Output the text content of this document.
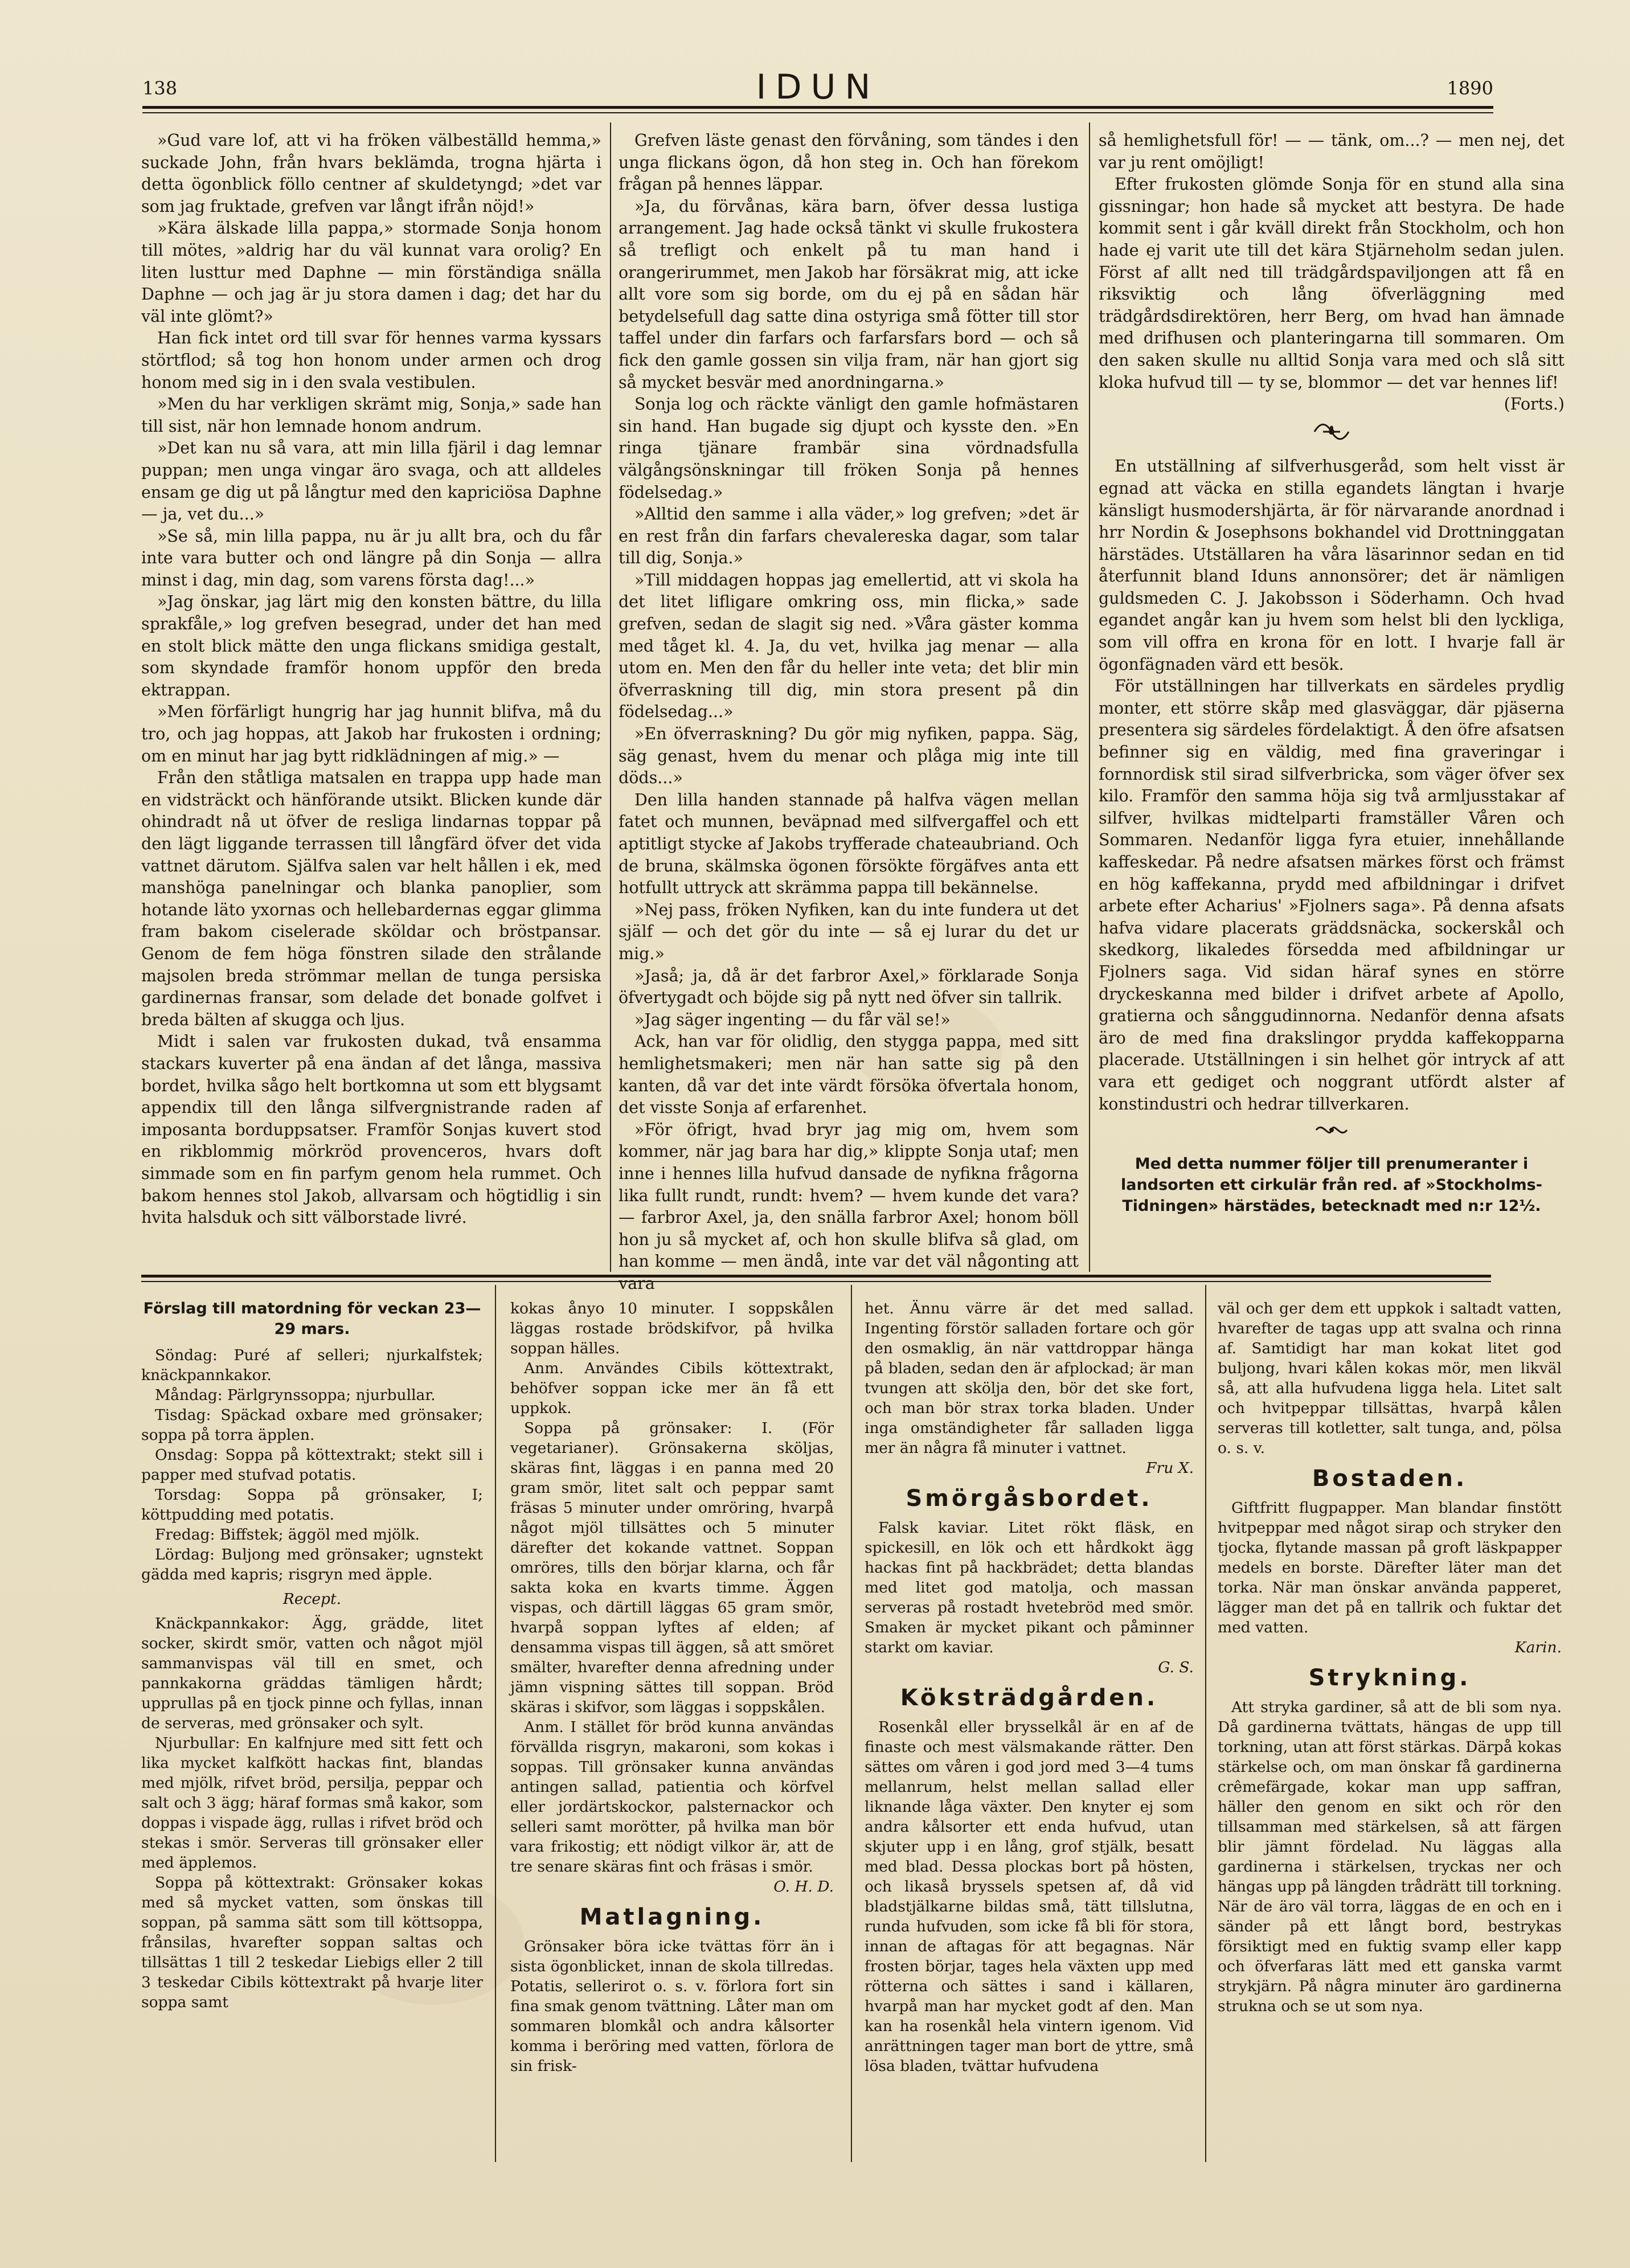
138	IDUN	1890

»Gud vare lof, att vi ha fröken välbeställd hemma,» suckade John, från hvars beklämda, trogna hjärta i detta ögonblick föllo centner af skuldetyngd; »det var som jag fruktade, grefven var långt ifrån nöjd!»

»Kära älskade lilla pappa,» stormade Sonja honom till mötes, »aldrig har du väl kunnat vara orolig? En liten lusttur med Daphne — min förständiga snälla Daphne — och jag är ju stora damen i dag; det har du väl inte glömt?»

Han fick intet ord till svar för hennes varma kyssars störtflod; så tog hon honom under armen och drog honom med sig in i den svala vestibulen.

»Men du har verkligen skrämt mig, Sonja,» sade han till sist, när hon lemnade honom andrum.

»Det kan nu så vara, att min lilla fjäril i dag lemnar puppan; men unga vingar äro svaga, och att alldeles ensam ge dig ut på långtur med den kapriciösa Daphne — ja, vet du...»

»Se så, min lilla pappa, nu är ju allt bra, och du får inte vara butter och ond längre på din Sonja — allra minst i dag, min dag, som varens första dag!...»

»Jag önskar, jag lärt mig den konsten bättre, du lilla sprakfåle,» log grefven besegrad, under det han med en stolt blick mätte den unga flickans smidiga gestalt, som skyndade framför honom uppför den breda ektrappan.

»Men förfärligt hungrig har jag hunnit blifva, må du tro, och jag hoppas, att Jakob har frukosten i ordning; om en minut har jag bytt ridklädningen af mig.» —

Från den ståtliga matsalen en trappa upp hade man en vidsträckt och hänförande utsikt. Blicken kunde där ohindradt nå ut öfver de resliga lindarnas toppar på den lägt liggande terrassen till långfärd öfver det vida vattnet därutom. Själfva salen var helt hållen i ek, med manshöga panelningar och blanka panoplier, som hotande läto yxornas och hellebardernas eggar glimma fram bakom ciselerade sköldar och bröstpansar. Genom de fem höga fönstren silade den strålande majsolen breda strömmar mellan de tunga persiska gardinernas fransar, som delade det bonade golfvet i breda bälten af skugga och ljus.

Midt i salen var frukosten dukad, två ensamma stackars kuverter på ena ändan af det långa, massiva bordet, hvilka sågo helt bortkomna ut som ett blygsamt appendix till den långa silfvergnistrande raden af imposanta borduppsatser. Framför Sonjas kuvert stod en rikblommig mörkröd provenceros, hvars doft simmade som en fin parfym genom hela rummet. Och bakom hennes stol Jakob, allvarsam och högtidlig i sin hvita halsduk och sitt välborstade livré.

Grefven läste genast den förvåning, som tändes i den unga flickans ögon, då hon steg in. Och han förekom frågan på hennes läppar.

»Ja, du förvånas, kära barn, öfver dessa lustiga arrangement. Jag hade också tänkt vi skulle frukostera så trefligt och enkelt på tu man hand i orangerirummet, men Jakob har försäkrat mig, att icke allt vore som sig borde, om du ej på en sådan här betydelsefull dag satte dina ostyriga små fötter till stor taffel under din farfars och farfarsfars bord — och så fick den gamle gossen sin vilja fram, när han gjort sig så mycket besvär med anordningarna.»

Sonja log och räckte vänligt den gamle hofmästaren sin hand. Han bugade sig djupt och kysste den. »En ringa tjänare frambär sina vördnadsfulla välgångsönskningar till fröken Sonja på hennes födelsedag.»

»Alltid den samme i alla väder,» log grefven; »det är en rest från din farfars chevalereska dagar, som talar till dig, Sonja.»

»Till middagen hoppas jag emellertid, att vi skola ha det litet lifligare omkring oss, min flicka,» sade grefven, sedan de slagit sig ned. »Våra gäster komma med tåget kl. 4. Ja, du vet, hvilka jag menar — alla utom en. Men den får du heller inte veta; det blir min öfverraskning till dig, min stora present på din födelsedag...»

»En öfverraskning? Du gör mig nyfiken, pappa. Säg, säg genast, hvem du menar och plåga mig inte till döds...»

Den lilla handen stannade på halfva vägen mellan fatet och munnen, beväpnad med silfvergaffel och ett aptitligt stycke af Jakobs tryfferade chateaubriand. Och de bruna, skälmska ögonen försökte förgäfves anta ett hotfullt uttryck att skrämma pappa till bekännelse.

»Nej pass, fröken Nyfiken, kan du inte fundera ut det själf — och det gör du inte — så ej lurar du det ur mig.»

»Jaså; ja, då är det farbror Axel,» förklarade Sonja öfvertygadt och böjde sig på nytt ned öfver sin tallrik.

»Jag säger ingenting — du får väl se!»

Ack, han var för olidlig, den stygga pappa, med sitt hemlighetsmakeri; men när han satte sig på den kanten, då var det inte värdt försöka öfvertala honom, det visste Sonja af erfarenhet.

»För öfrigt, hvad bryr jag mig om, hvem som kommer, när jag bara har dig,» klippte Sonja utaf; men inne i hennes lilla hufvud dansade de nyfikna frågorna lika fullt rundt, rundt: hvem? — hvem kunde det vara? — farbror Axel, ja, den snälla farbror Axel; honom böll hon ju så mycket af, och hon skulle blifva så glad, om han komme — men ändå, inte var det väl någonting att vara

så hemlighetsfull för! — — tänk, om...? — men nej, det var ju rent omöjligt!

Efter frukosten glömde Sonja för en stund alla sina gissningar; hon hade så mycket att bestyra. De hade kommit sent i går kväll direkt från Stockholm, och hon hade ej varit ute till det kära Stjärneholm sedan julen. Först af allt ned till trädgårdspaviljongen att få en riksviktig och lång öfverläggning med trädgårdsdirektören, herr Berg, om hvad han ämnade med drifhusen och planteringarna till sommaren. Om den saken skulle nu alltid Sonja vara med och slå sitt kloka hufvud till — ty se, blommor — det var hennes lif!

(Forts.)

En utställning af silfverhusgeråd, som helt visst är egnad att väcka en stilla egandets längtan i hvarje känsligt husmodershjärta, är för närvarande anordnad i hrr Nordin & Josephsons bokhandel vid Drottninggatan härstädes. Utställaren ha våra läsarinnor sedan en tid återfunnit bland Iduns annonsörer; det är nämligen guldsmeden C. J. Jakobsson i Söderhamn. Och hvad egandet angår kan ju hvem som helst bli den lyckliga, som vill offra en krona för en lott. I hvarje fall är ögonfägnaden värd ett besök.

För utställningen har tillverkats en särdeles prydlig monter, ett större skåp med glasväggar, där pjäserna presentera sig särdeles fördelaktigt. Å den öfre afsatsen befinner sig en väldig, med fina graveringar i fornnordisk stil sirad silfverbricka, som väger öfver sex kilo. Framför den samma höja sig två armljusstakar af silfver, hvilkas midtelparti framställer Våren och Sommaren. Nedanför ligga fyra etuier, innehållande kaffeskedar. På nedre afsatsen märkes först och främst en hög kaffekanna, prydd med afbildningar i drifvet arbete efter Acharius' »Fjolners saga». På denna afsats hafva vidare placerats gräddsnäcka, sockerskål och skedkorg, likaledes försedda med afbildningar ur Fjolners saga. Vid sidan häraf synes en större dryckeskanna med bilder i drifvet arbete af Apollo, gratierna och sånggudinnorna. Nedanför denna afsats äro de med fina drakslingor prydda kaffekopparna placerade. Utställningen i sin helhet gör intryck af att vara ett gediget och noggrant utfördt alster af konstindustri och hedrar tillverkaren.

Med detta nummer följer till prenumeranter i landsorten ett cirkulär från red. af »Stockholms-Tidningen» härstädes, betecknadt med n:r 12½.

Förslag till matordning för veckan 23—29 mars.

Söndag: Puré af selleri; njurkalfstek; knäckpannkakor.

Måndag: Pärlgrynssoppa; njurbullar.

Tisdag: Späckad oxbare med grönsaker; soppa på torra äpplen.

Onsdag: Soppa på köttextrakt; stekt sill i papper med stufvad potatis.

Torsdag: Soppa på grönsaker, I; köttpudding med potatis.

Fredag: Biffstek; äggöl med mjölk.

Lördag: Buljong med grönsaker; ugnstekt gädda med kapris; risgryn med äpple.

Recept.

Knäckpannkakor: Ägg, grädde, litet socker, skirdt smör, vatten och något mjöl sammanvispas väl till en smet, och pannkakorna gräddas tämligen hårdt; upprullas på en tjock pinne och fyllas, innan de serveras, med grönsaker och sylt.

Njurbullar: En kalfnjure med sitt fett och lika mycket kalfkött hackas fint, blandas med mjölk, rifvet bröd, persilja, peppar och salt och 3 ägg; häraf formas små kakor, som doppas i vispade ägg, rullas i rifvet bröd och stekas i smör. Serveras till grönsaker eller med äpplemos.

Soppa på köttextrakt: Grönsaker kokas med så mycket vatten, som önskas till soppan, på samma sätt som till köttsoppa, frånsilas, hvarefter soppan saltas och tillsättas 1 till 2 teskedar Liebigs eller 2 till 3 teskedar Cibils köttextrakt på hvarje liter soppa samt

kokas ånyo 10 minuter. I soppskålen läggas rostade brödskifvor, på hvilka soppan hälles.

Anm. Användes Cibils köttextrakt, behöfver soppan icke mer än få ett uppkok.

Soppa på grönsaker: I. (För vegetarianer). Grönsakerna sköljas, skäras fint, läggas i en panna med 20 gram smör, litet salt och peppar samt fräsas 5 minuter under omröring, hvarpå något mjöl tillsättes och 5 minuter därefter det kokande vattnet. Soppan omröres, tills den börjar klarna, och får sakta koka en kvarts timme. Äggen vispas, och därtill läggas 65 gram smör, hvarpå soppan lyftes af elden; af densamma vispas till äggen, så att smöret smälter, hvarefter denna afredning under jämn vispning sättes till soppan. Bröd skäras i skifvor, som läggas i soppskålen.

Anm. I stället för bröd kunna användas förvällda risgryn, makaroni, som kokas i soppas. Till grönsaker kunna användas antingen sallad, patientia och körfvel eller jordärtskockor, palsternackor och selleri samt morötter, på hvilka man bör vara frikostig; ett nödigt vilkor är, att de tre senare skäras fint och fräsas i smör.

O. H. D.

Matlagning.

Grönsaker böra icke tvättas förr än i sista ögonblicket, innan de skola tillredas. Potatis, sellerirot o. s. v. förlora fort sin fina smak genom tvättning. Låter man om sommaren blomkål och andra kålsorter komma i beröring med vatten, förlora de sin frisk-

het. Ännu värre är det med sallad. Ingenting förstör salladen fortare och gör den osmaklig, än när vattdroppar hänga på bladen, sedan den är afplockad; är man tvungen att skölja den, bör det ske fort, och man bör strax torka bladen. Under inga omständigheter får salladen ligga mer än några få minuter i vattnet.

Fru X.

Smörgåsbordet.

Falsk kaviar. Litet rökt fläsk, en spickesill, en lök och ett hårdkokt ägg hackas fint på hackbrädet; detta blandas med litet god matolja, och massan serveras på rostadt hvetebröd med smör. Smaken är mycket pikant och påminner starkt om kaviar.

G. S.

Köksträdgården.

Rosenkål eller brysselkål är en af de finaste och mest välsmakande rätter. Den sättes om våren i god jord med 3—4 tums mellanrum, helst mellan sallad eller liknande låga växter. Den knyter ej som andra kålsorter ett enda hufvud, utan skjuter upp i en lång, grof stjälk, besatt med blad. Dessa plockas bort på hösten, och likaså bryssels spetsen af, då vid bladstjälkarne bildas små, tätt tillslutna, runda hufvuden, som icke få bli för stora, innan de aftagas för att begagnas. När frosten börjar, tages hela växten upp med rötterna och sättes i sand i källaren, hvarpå man har mycket godt af den. Man kan ha rosenkål hela vintern igenom. Vid anrättningen tager man bort de yttre, små lösa bladen, tvättar hufvudena

väl och ger dem ett uppkok i saltadt vatten, hvarefter de tagas upp att svalna och rinna af. Samtidigt har man kokat litet god buljong, hvari kålen kokas mör, men likväl så, att alla hufvudena ligga hela. Litet salt och hvitpeppar tillsättas, hvarpå kålen serveras till kotletter, salt tunga, and, pölsa o. s. v.

Bostaden.

Giftfritt flugpapper. Man blandar finstött hvitpeppar med något sirap och stryker den tjocka, flytande massan på groft läskpapper medels en borste. Därefter läter man det torka. När man önskar använda papperet, lägger man det på en tallrik och fuktar det med vatten.

Karin.

Strykning.

Att stryka gardiner, så att de bli som nya. Då gardinerna tvättats, hängas de upp till torkning, utan att först stärkas. Därpå kokas stärkelse och, om man önskar få gardinerna crêmefärgade, kokar man upp saffran, häller den genom en sikt och rör den tillsamman med stärkelsen, så att färgen blir jämnt fördelad. Nu läggas alla gardinerna i stärkelsen, tryckas ner och hängas upp på längden trådrätt till torkning. När de äro väl torra, läggas de en och en i sänder på ett långt bord, bestrykas försiktigt med en fuktig svamp eller kapp och öfverfaras lätt med ett ganska varmt strykjärn. På några minuter äro gardinerna strukna och se ut som nya.
